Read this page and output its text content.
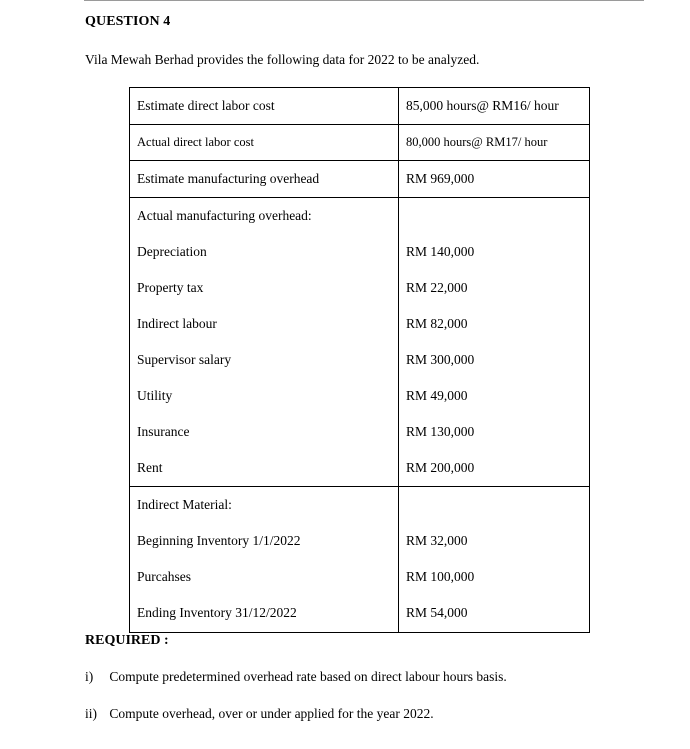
QUESTION 4
Vila Mewah Berhad provides the following data for 2022 to be analyzed.
Estimate direct labor cost	85,000 hours@ RM16/ hour
Actual direct labor cost	80,000 hours@ RM17/ hour
Estimate manufacturing overhead	RM 969,000
Actual manufacturing overhead:	
Depreciation	RM 140,000
Property tax	RM 22,000
Indirect labour	RM 82,000
Supervisor salary	RM 300,000
Utility	RM 49,000
Insurance	RM 130,000
Rent	RM 200,000
Indirect Material:	
Beginning Inventory 1/1/2022	RM 32,000
Purcahses	RM 100,000
Ending Inventory 31/12/2022	RM 54,000
REQUIRED :
i) Compute predetermined overhead rate based on direct labour hours basis.
ii) Compute overhead, over or under applied for the year 2022.
